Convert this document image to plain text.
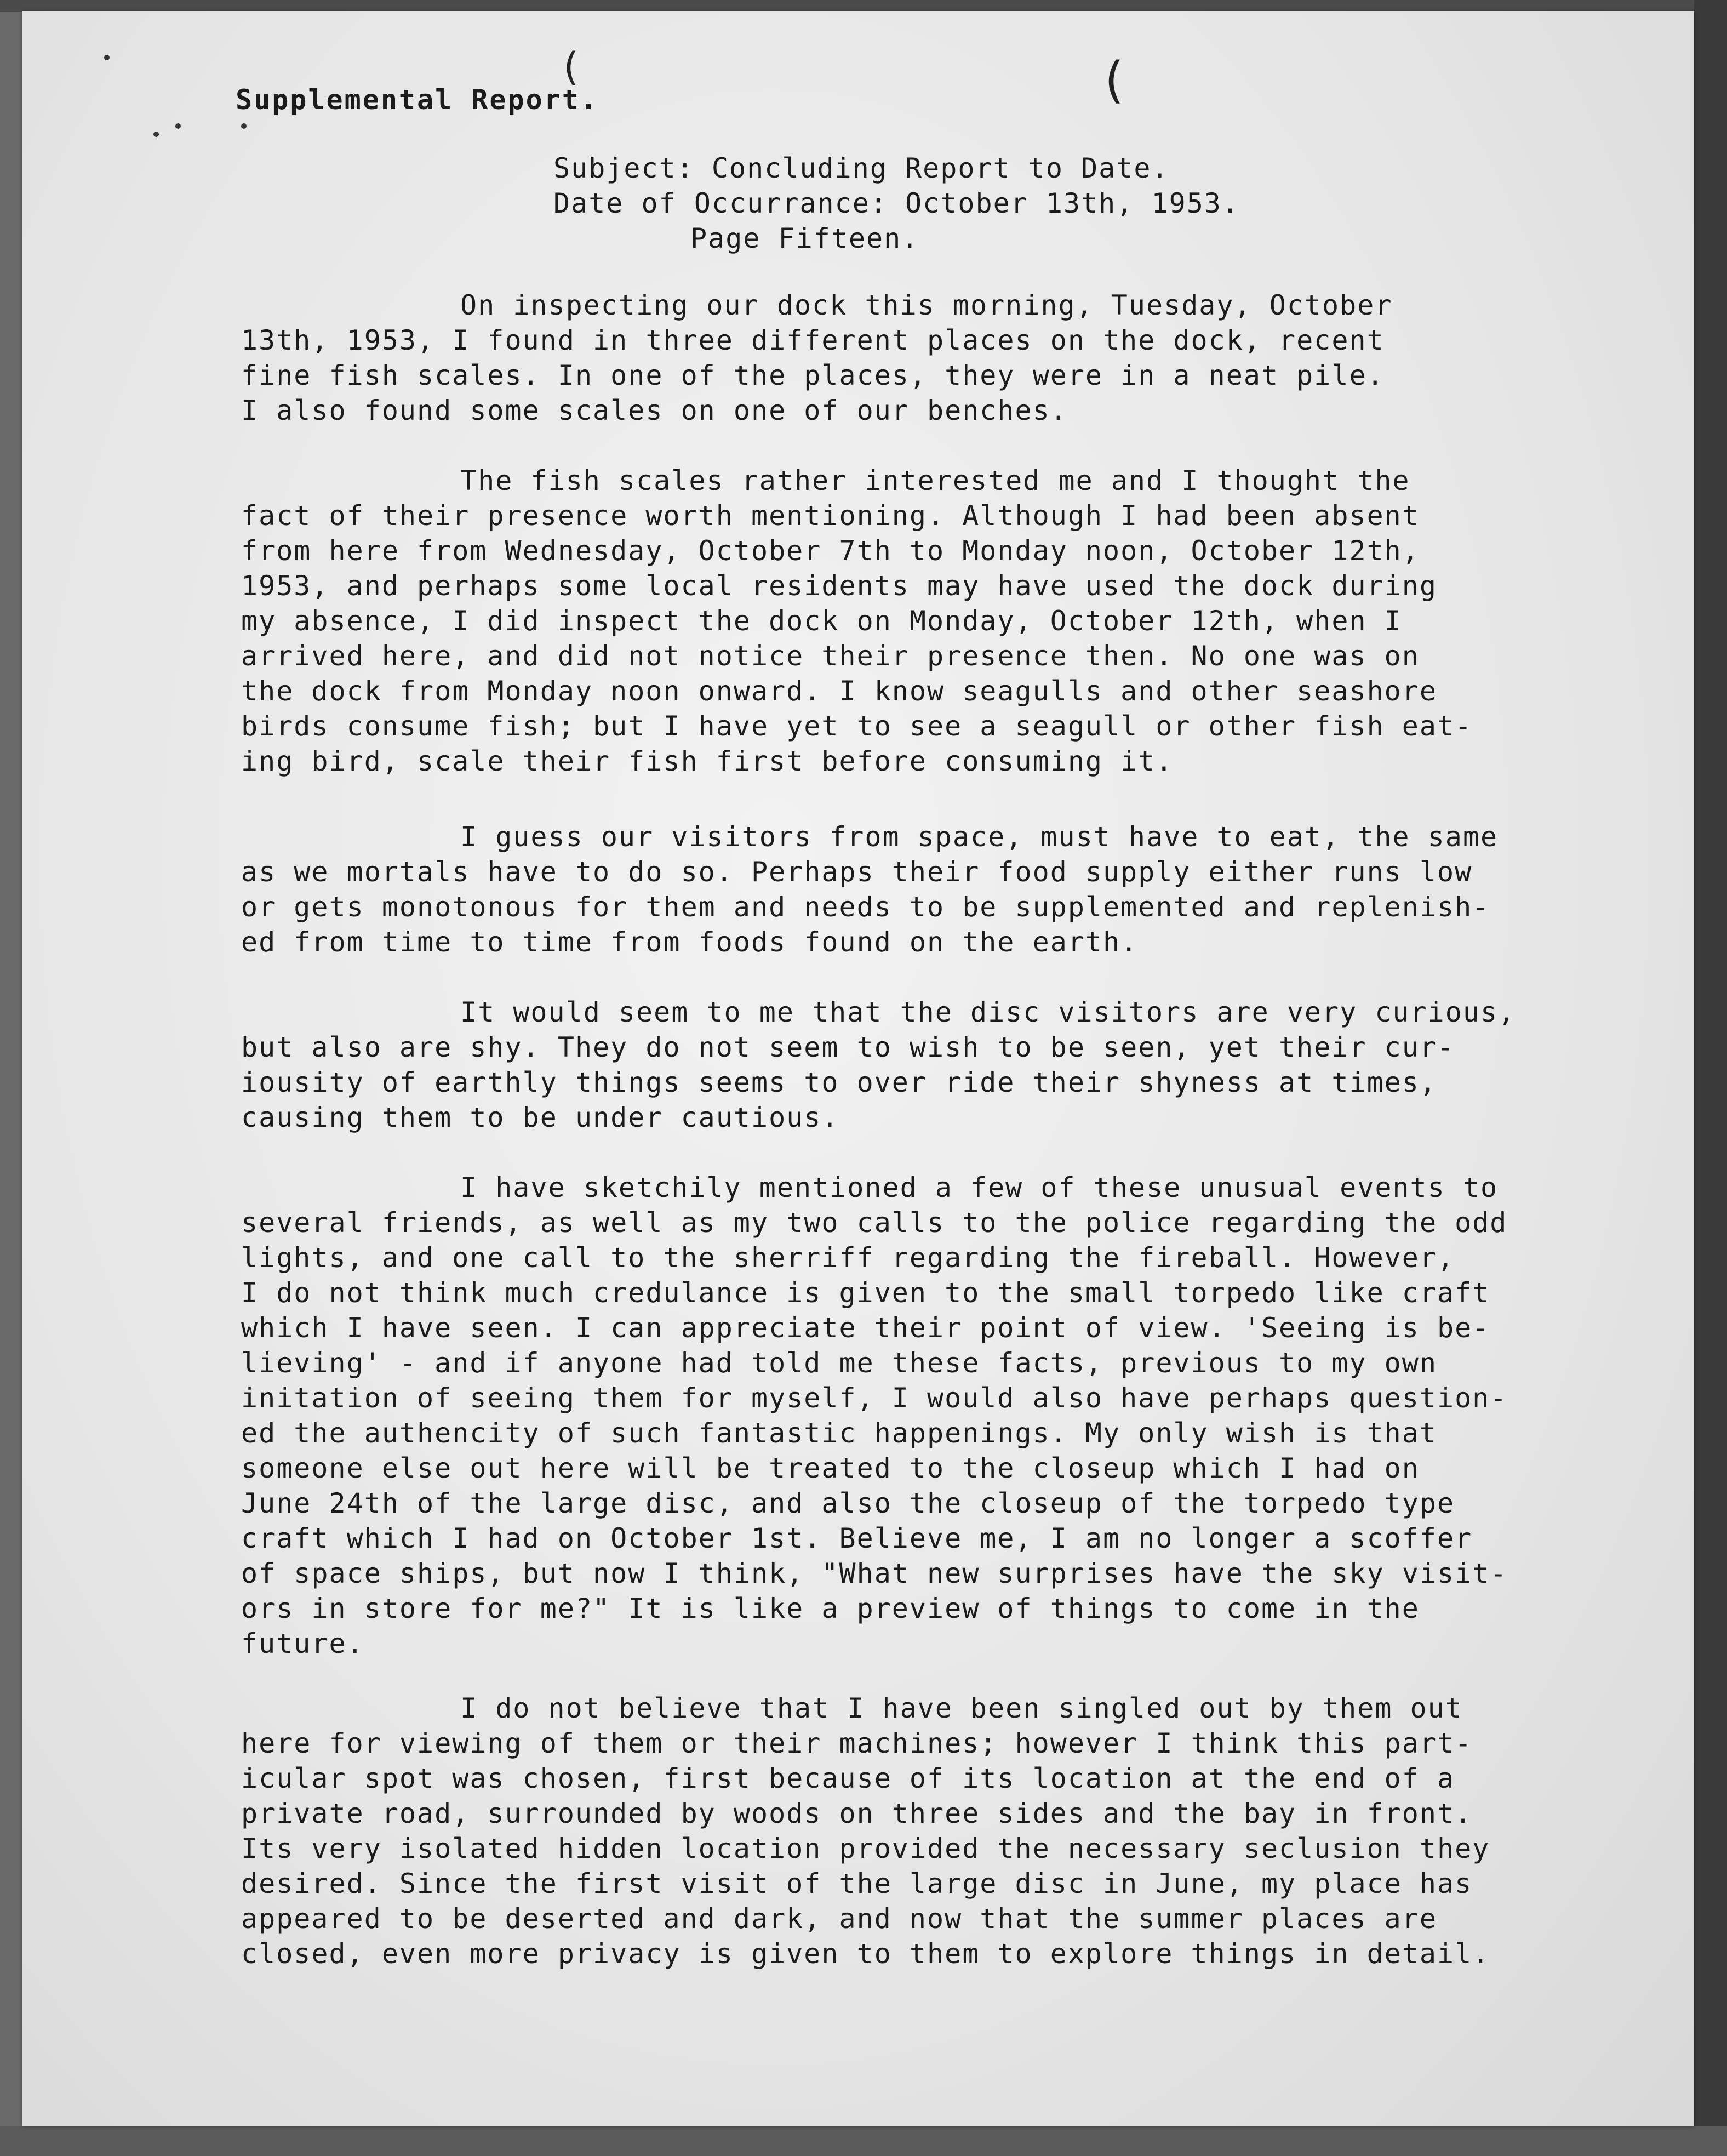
(	(
Supplemental Report.
Subject: Concluding Report to Date.
Date of Occurrance: October 13th, 1953.
Page Fifteen.
On inspecting our dock this morning, Tuesday, October
13th, 1953, I found in three different places on the dock, recent
fine fish scales. In one of the places, they were in a neat pile.
I also found some scales on one of our benches.
The fish scales rather interested me and I thought the
fact of their presence worth mentioning. Although I had been absent
from here from Wednesday, October 7th to Monday noon, October 12th,
1953, and perhaps some local residents may have used the dock during
my absence, I did inspect the dock on Monday, October 12th, when I
arrived here, and did not notice their presence then. No one was on
the dock from Monday noon onward. I know seagulls and other seashore
birds consume fish; but I have yet to see a seagull or other fish eat-
ing bird, scale their fish first before consuming it.
I guess our visitors from space, must have to eat, the same
as we mortals have to do so. Perhaps their food supply either runs low
or gets monotonous for them and needs to be supplemented and replenish-
ed from time to time from foods found on the earth.
It would seem to me that the disc visitors are very curious,
but also are shy. They do not seem to wish to be seen, yet their cur-
iousity of earthly things seems to over ride their shyness at times,
causing them to be under cautious.
I have sketchily mentioned a few of these unusual events to
several friends, as well as my two calls to the police regarding the odd
lights, and one call to the sherriff regarding the fireball. However,
I do not think much credulance is given to the small torpedo like craft
which I have seen. I can appreciate their point of view. 'Seeing is be-
lieving' - and if anyone had told me these facts, previous to my own
initation of seeing them for myself, I would also have perhaps question-
ed the authencity of such fantastic happenings. My only wish is that
someone else out here will be treated to the closeup which I had on
June 24th of the large disc, and also the closeup of the torpedo type
craft which I had on October 1st. Believe me, I am no longer a scoffer
of space ships, but now I think, "What new surprises have the sky visit-
ors in store for me?" It is like a preview of things to come in the
future.
I do not believe that I have been singled out by them out
here for viewing of them or their machines; however I think this part-
icular spot was chosen, first because of its location at the end of a
private road, surrounded by woods on three sides and the bay in front.
Its very isolated hidden location provided the necessary seclusion they
desired. Since the first visit of the large disc in June, my place has
appeared to be deserted and dark, and now that the summer places are
closed, even more privacy is given to them to explore things in detail.
